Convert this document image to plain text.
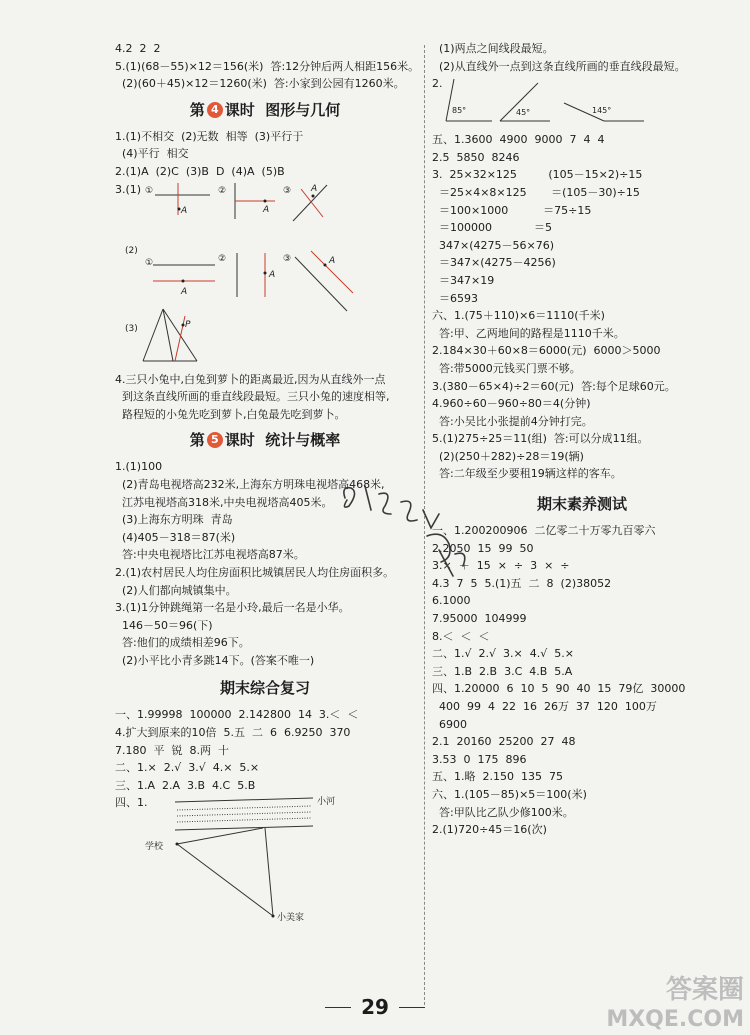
4.2  2  2
5.(1)(68－55)×12＝156(米)  答:12分钟后两人相距156米。
(2)(60＋45)×12＝1260(米)  答:小家到公园有1260米。
第 4 课时  图形与几何
1.(1)不相交  (2)无数  相等  (3)平行于
(4)平行  相交
2.(1)A  (2)C  (3)B  D  (4)A  (5)B
3.(1) ①
A
②
A
③ A
(2)
①
A
②
A
③	A
(3)	P
4.三只小兔中,白兔到萝卜的距离最近,因为从直线外一点
到这条直线所画的垂直线段最短。三只小兔的速度相等,
路程短的小兔先吃到萝卜,白兔最先吃到萝卜。
第 5 课时  统计与概率
1.(1)100
(2)青岛电视塔高232米,上海东方明珠电视塔高468米,
江苏电视塔高318米,中央电视塔高405米。
(3)上海东方明珠  青岛
(4)405－318＝87(米)
答:中央电视塔比江苏电视塔高87米。
2.(1)农村居民人均住房面积比城镇居民人均住房面积多。
(2)人们都向城镇集中。
3.(1)1分钟跳绳第一名是小玲,最后一名是小华。
146－50＝96(下)
答:他们的成绩相差96下。
(2)小平比小青多跳14下。(答案不唯一)
期末综合复习
一、1.99998  100000  2.142800  14  3.＜  ＜
4.扩大到原来的10倍  5.五  二  6  6.9250  370
7.180  平  锐  8.两  十
二、1.×  2.√  3.√  4.×  5.×
三、1.A  2.A  3.B  4.C  5.B
四、1.	小河
学校
小美家
(1)两点之间线段最短。
(2)从直线外一点到这条直线所画的垂直线段最短。
2.
85°	45°	145°
五、1.3600  4900  9000  7  4  4
2.5  5850  8246
3.  25×32×125         (105－15×2)÷15
＝25×4×8×125       ＝(105－30)÷15
＝100×1000          ＝75÷15
＝100000            ＝5
347×(4275－56×76)
＝347×(4275－4256)
＝347×19
＝6593
六、1.(75＋110)×6＝1110(千米)
答:甲、乙两地间的路程是1110千米。
2.184×30＋60×8＝6000(元)  6000＞5000
答:带5000元钱买门票不够。
3.(380－65×4)÷2＝60(元)  答:每个足球60元。
4.960÷60－960÷80＝4(分钟)
答:小吴比小张提前4分钟打完。
5.(1)275÷25＝11(组)  答:可以分成11组。
(2)(250＋282)÷28＝19(辆)
答:二年级至少要租19辆这样的客车。
期末素养测试
一、1.200200906  二亿零二十万零九百零六
2.2050  15  99  50
3.×  ＋  15  ×  ÷  3  ×  ÷
4.3  7  5  5.(1)五  二  8  (2)38052
6.1000
7.95000  104999
8.＜  ＜  ＜
二、1.√  2.√  3.×  4.√  5.×
三、1.B  2.B  3.C  4.B  5.A
四、1.20000  6  10  5  90  40  15  79亿  30000
400  99  4  22  16  26万  37  120  100万
6900
2.1  20160  25200  27  48
3.53  0  175  896
五、1.略  2.150  135  75
六、1.(105－85)×5＝100(米)
答:甲队比乙队少修100米。
2.(1)720÷45＝16(次)
29
答案圈
MXQE.COM
